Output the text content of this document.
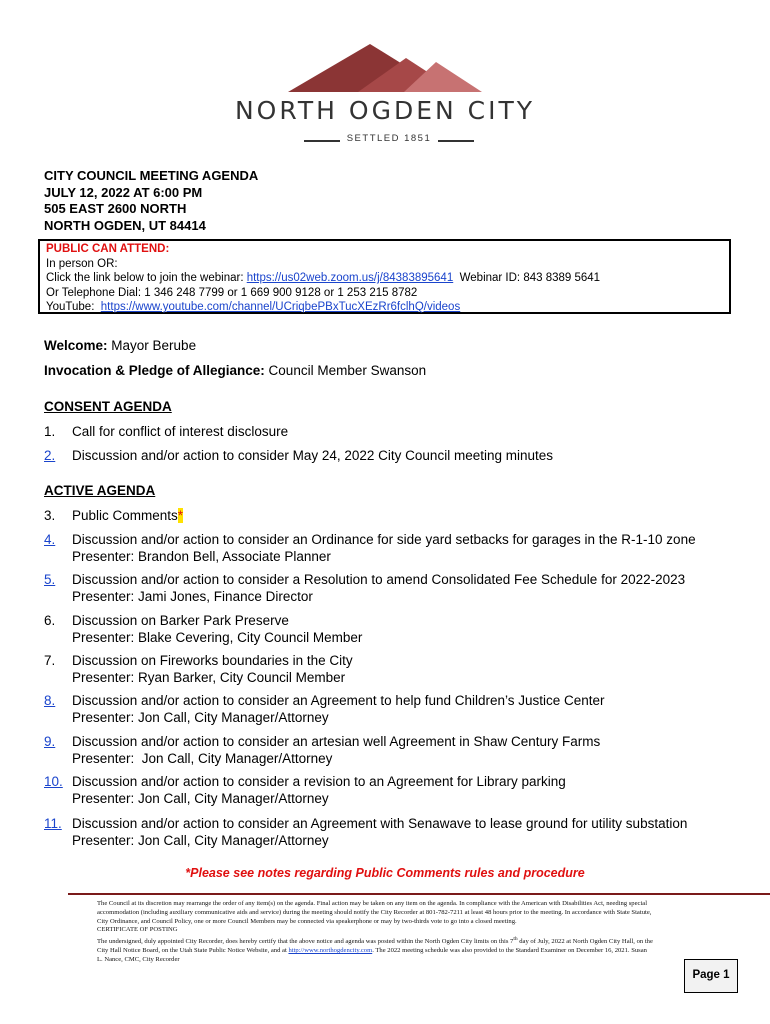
NORTH OGDEN CITY
SETTLED 1851
CITY COUNCIL MEETING AGENDA
JULY 12, 2022 AT 6:00 PM
505 EAST 2600 NORTH
NORTH OGDEN, UT 84414
PUBLIC CAN ATTEND:
In person OR:
Click the link below to join the webinar: https://us02web.zoom.us/j/84383895641  Webinar ID: 843 8389 5641
Or Telephone Dial: 1 346 248 7799 or 1 669 900 9128 or 1 253 215 8782
YouTube:  https://www.youtube.com/channel/UCriqbePBxTucXEzRr6fclhQ/videos
Welcome: Mayor Berube
Invocation & Pledge of Allegiance: Council Member Swanson
CONSENT AGENDA
1.	Call for conflict of interest disclosure
2.	Discussion and/or action to consider May 24, 2022 City Council meeting minutes
ACTIVE AGENDA
3.	Public Comments*
4.	Discussion and/or action to consider an Ordinance for side yard setbacks for garages in the R-1-10 zone
Presenter: Brandon Bell, Associate Planner
5.	Discussion and/or action to consider a Resolution to amend Consolidated Fee Schedule for 2022-2023
Presenter: Jami Jones, Finance Director
6.	Discussion on Barker Park Preserve
Presenter: Blake Cevering, City Council Member
7.	Discussion on Fireworks boundaries in the City
Presenter: Ryan Barker, City Council Member
8.	Discussion and/or action to consider an Agreement to help fund Children’s Justice Center
Presenter: Jon Call, City Manager/Attorney
9.	Discussion and/or action to consider an artesian well Agreement in Shaw Century Farms
Presenter:  Jon Call, City Manager/Attorney
10. Discussion and/or action to consider a revision to an Agreement for Library parking
Presenter: Jon Call, City Manager/Attorney
11. Discussion and/or action to consider an Agreement with Senawave to lease ground for utility substation
Presenter: Jon Call, City Manager/Attorney
*Please see notes regarding Public Comments rules and procedure
The Council at its discretion may rearrange the order of any item(s) on the agenda. Final action may be taken on any item on the agenda. In compliance with the American with Disabilities Act, needing special accommodation (including auxiliary communicative aids and service) during the meeting should notify the City Recorder at 801-782-7211 at least 48 hours prior to the meeting. In accordance with State Statute, City Ordinance, and Council Policy, one or more Council Members may be connected via speakerphone or may by two-thirds vote to go into a closed meeting.
CERTIFICATE OF POSTING
The undersigned, duly appointed City Recorder, does hereby certify that the above notice and agenda was posted within the North Ogden City limits on this 7th day of July, 2022 at North Ogden City Hall, on the City Hall Notice Board, on the Utah State Public Notice Website, and at http://www.northogdencity.com. The 2022 meeting schedule was also provided to the Standard Examiner on December 16, 2021. Susan L. Nance, CMC, City Recorder
Page 1
